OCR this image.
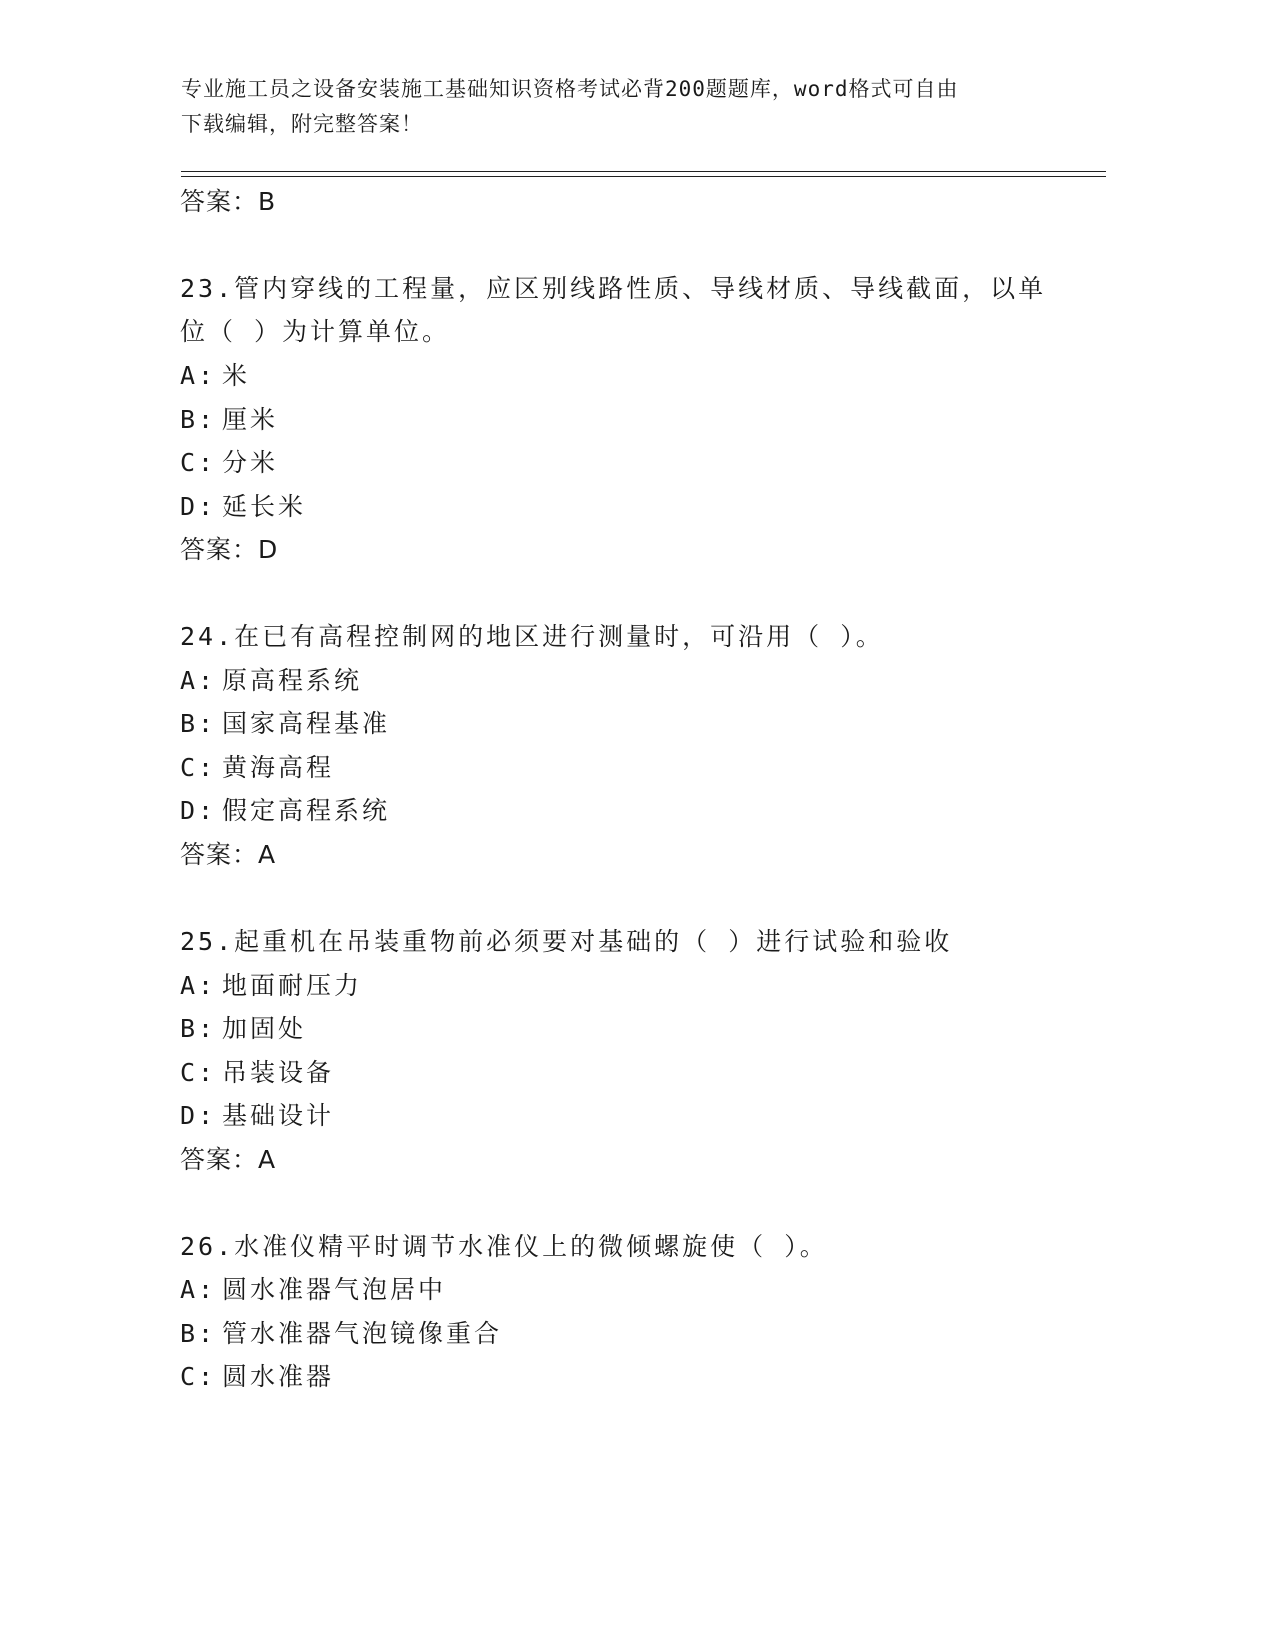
专业施工员之设备安装施工基础知识资格考试必背200题题库，word格式可自由
下载编辑，附完整答案！
答案：B
23.管内穿线的工程量，应区别线路性质、导线材质、导线截面，以单
位（ ）为计算单位。
A: 米
B: 厘米
C: 分米
D: 延长米
答案：D
24.在已有高程控制网的地区进行测量时，可沿用（ ）。
A: 原高程系统
B: 国家高程基准
C: 黄海高程
D: 假定高程系统
答案：A
25.起重机在吊装重物前必须要对基础的（ ）进行试验和验收
A: 地面耐压力
B: 加固处
C: 吊装设备
D: 基础设计
答案：A
26.水准仪精平时调节水准仪上的微倾螺旋使（ ）。
A: 圆水准器气泡居中
B: 管水准器气泡镜像重合
C: 圆水准器
